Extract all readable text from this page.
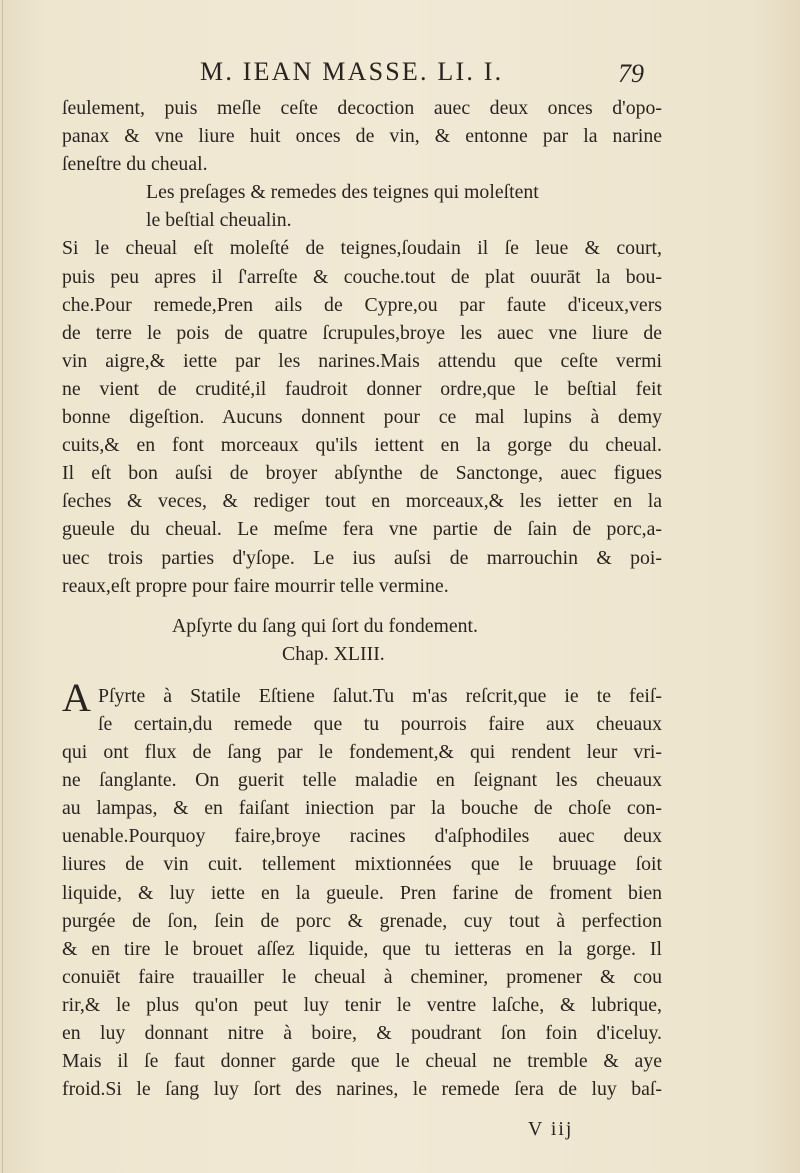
M. IEAN MASSE. LI. I.	79
ſeulement, puis meſle ceſte decoction auec deux onces d'opo-
panax & vne liure huit onces de vin, & entonne par la narine
ſeneſtre du cheual.
Les preſages & remedes des teignes qui moleſtent
le beſtial cheualin.
Si le cheual eſt moleſté de teignes,ſoudain il ſe leue & court,
puis peu apres il ſ'arreſte & couche.tout de plat ouurāt la bou-
che.Pour remede,Pren ails de Cypre,ou par faute d'iceux,vers
de terre le pois de quatre ſcrupules,broye les auec vne liure de
vin aigre,& iette par les narines.Mais attendu que ceſte vermi
ne vient de crudité,il faudroit donner ordre,que le beſtial feit
bonne digeſtion. Aucuns donnent pour ce mal lupins à demy
cuits,& en font morceaux qu'ils iettent en la gorge du cheual.
Il eſt bon auſsi de broyer abſynthe de Sanctonge, auec figues
ſeches & veces, & rediger tout en morceaux,& les ietter en la
gueule du cheual. Le meſme fera vne partie de ſain de porc,a-
uec trois parties d'yſope. Le ius auſsi de marrouchin & poi-
reaux,eſt propre pour faire mourrir telle vermine.
Apſyrte du ſang qui ſort du fondement.
Chap. XLIII.
Pſyrte à Statile Eſtiene ſalut.Tu m'as reſcrit,que ie te feiſ-
ſe certain,du remede que tu pourrois faire aux cheuaux
qui ont flux de ſang par le fondement,& qui rendent leur vri-
ne ſanglante. On guerit telle maladie en ſeignant les cheuaux
au lampas, & en faiſant iniection par la bouche de choſe con-
uenable.Pourquoy faire,broye racines d'aſphodiles auec deux
liures de vin cuit. tellement mixtionnées que le bruuage ſoit
liquide, & luy iette en la gueule. Pren farine de froment bien
purgée de ſon, ſein de porc & grenade, cuy tout à perfection
& en tire le brouet aſſez liquide, que tu ietteras en la gorge. Il
conuiēt faire trauailler le cheual à cheminer, promener & cou
rir,& le plus qu'on peut luy tenir le ventre laſche, & lubrique,
en luy donnant nitre à boire, & poudrant ſon foin d'iceluy.
Mais il ſe faut donner garde que le cheual ne tremble & aye
froid.Si le ſang luy ſort des narines, le remede ſera de luy baſ-
A
V iij
